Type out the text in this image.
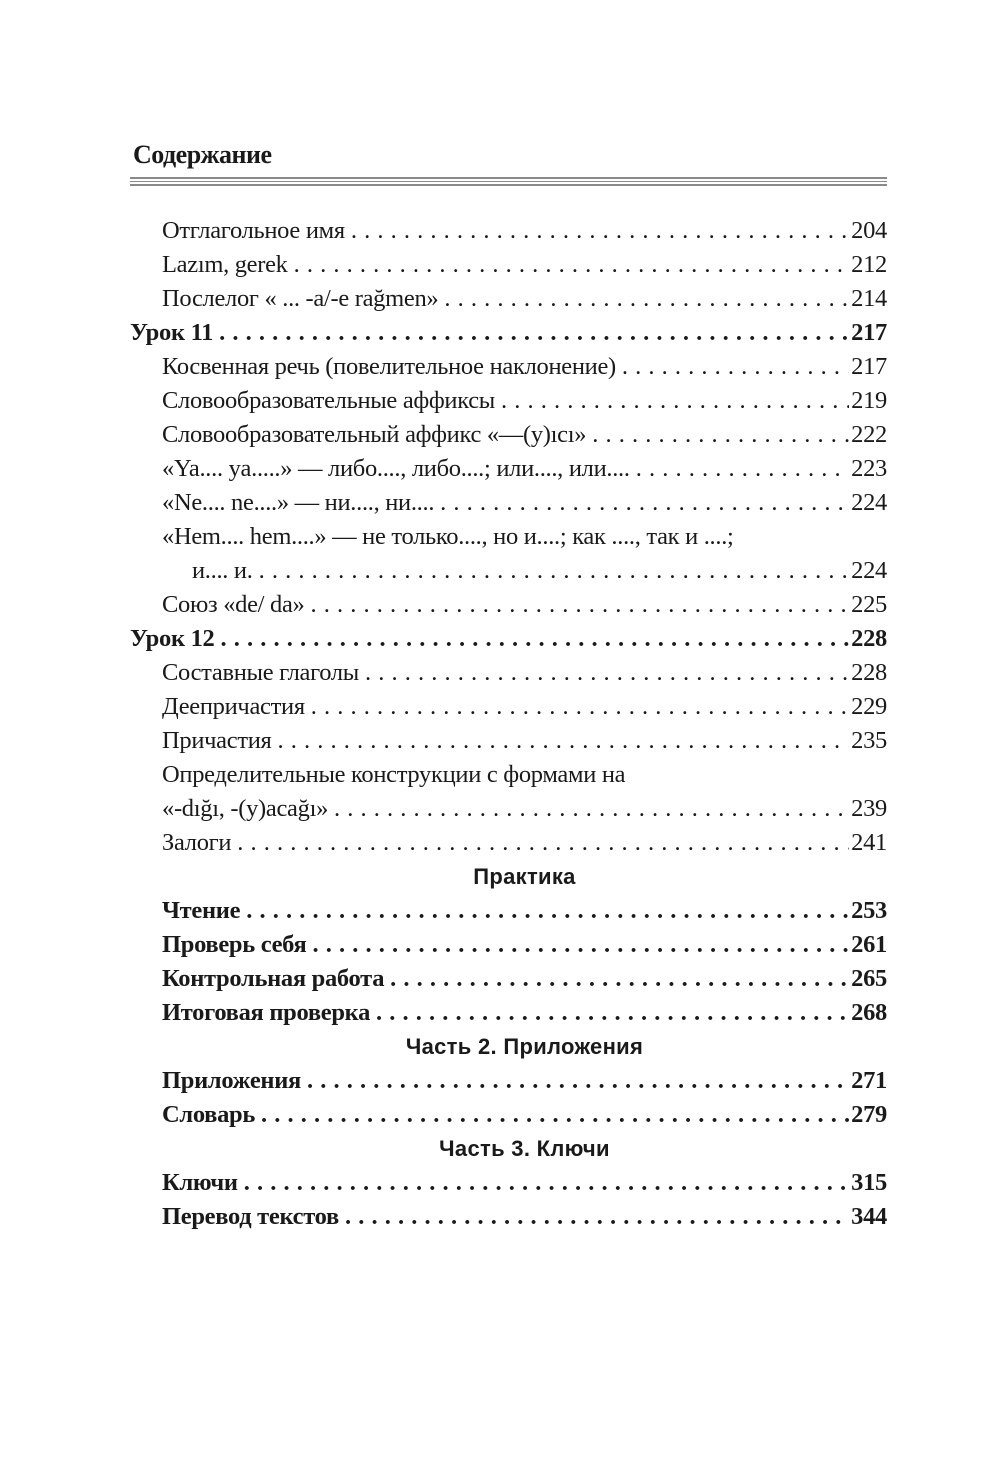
Содержание
Отглагольное имя . . .	204
Lazım, gerek . . .	212
Послелог « ... -a/-e rağmen» . . .	214
Урок 11 . . .	217
Косвенная речь (повелительное наклонение) . . .	217
Словообразовательные аффиксы . . .	219
Словообразовательный аффикс «—(y)ıcı» . . .	222
«Ya.... ya.....» — либо...., либо....; или...., или.... . . .	223
«Ne.... ne....» — ни...., ни.... . . .	224
«Hem.... hem....» — не только...., но и....; как ...., так и ....;
и.... и. . . .	224
Союз «de/ da» . . .	225
Урок 12 . . .	228
Составные глаголы . . .	228
Деепричастия . . .	229
Причастия . . .	235
Определительные конструкции с формами на
«-dığı, -(y)acağı» . . .	239
Залоги . . .	241
Практика
Чтение . . .	253
Проверь себя . . .	261
Контрольная работа . . .	265
Итоговая проверка . . .	268
Часть 2. Приложения
Приложения . . .	271
Словарь . . .	279
Часть 3. Ключи
Ключи . . .	315
Перевод текстов . . .	344
